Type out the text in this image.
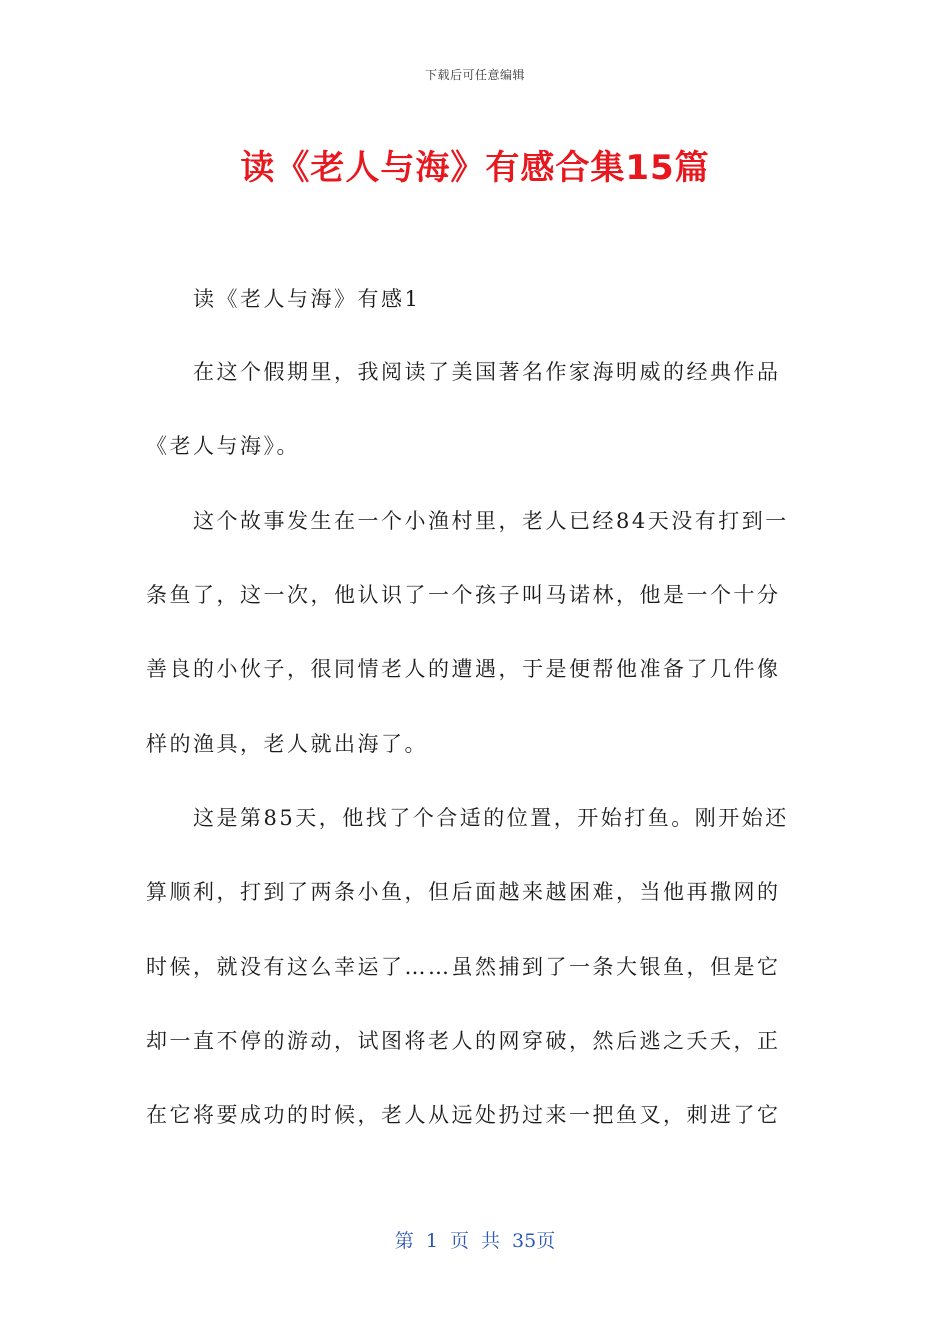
下载后可任意编辑
读《老人与海》有感合集15篇
读《老人与海》有感1
在这个假期里，我阅读了美国著名作家海明威的经典作品
《老人与海》。
这个故事发生在一个小渔村里，老人已经84天没有打到一
条鱼了，这一次，他认识了一个孩子叫马诺林，他是一个十分
善良的小伙子，很同情老人的遭遇，于是便帮他准备了几件像
样的渔具，老人就出海了。
这是第85天，他找了个合适的位置，开始打鱼。刚开始还
算顺利，打到了两条小鱼，但后面越来越困难，当他再撒网的
时候，就没有这么幸运了……虽然捕到了一条大银鱼，但是它
却一直不停的游动，试图将老人的网穿破，然后逃之夭夭，正
在它将要成功的时候，老人从远处扔过来一把鱼叉，刺进了它
第 1 页 共 35页
